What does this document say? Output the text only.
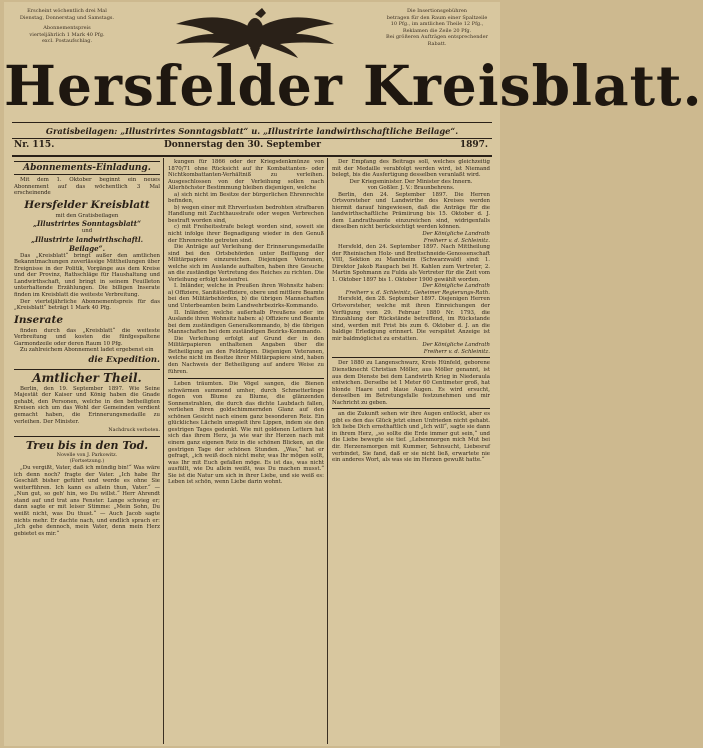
Erscheint wöchentlich drei Mal
Dienstag, Donnerstag und Samstags.
Abonnementspreis
vierteljährlich 1 Mark 40 Pfg.
excl. Postaufschlag.
Die Insertionsgebühren
betragen für den Raum einer Spaltzeile
10 Pfg., im amtlichen Theile 12 Pfg.,
Reklamen die Zeile 20 Pfg.
Bei größeren Aufträgen entsprechender
Rabatt.
Hersfelder Kreisblatt.
Gratisbeilagen: „Illustrirtes Sonntagsblatt“ u. „Illustrirte landwirthschaftliche Beilage“.
Nr. 115.	Donnerstag den 30. September	1897.
Abonnements-Einladung.

Mit dem 1. Oktober beginnt ein neues Abonnement auf das wöchentlich 3 Mal erscheinende

Hersfelder Kreisblatt
mit den Gratisbeilagen
„Illustrirtes Sonntagsblatt“
und
„Illustrirte landwirthschaftl. Beilage“.

Das „Kreisblatt“ bringt außer den amtlichen Bekanntmachungen zuverlässige Mittheilungen über Ereignisse in der Politik, Vorgänge aus dem Kreise und der Provinz, Rathschläge für Haushaltung und Landwirthschaft, und bringt in seinem Feuilleton unterhaltende Erzählungen. Die billigen Inserate finden im Kreisblatt die weiteste Verbreitung.

Der vierteljährliche Abonnementspreis für das „Kreisblatt“ beträgt 1 Mark 40 Pfg.

Inserate

finden durch das „Kreisblatt“ die weiteste Verbreitung und kosten die fünfgespaltene Garmondzeile oder deren Raum 10 Pfg.

Zu zahlreichem Abonnement ladet ergebenst ein

die Expedition.
Amtlicher Theil.

Berlin, den 19. September 1897. Wie Seine Majestät der Kaiser und König haben die Gnade gehabt, den Personen, welche in den betheiligten Kreisen sich um das Wohl der Gemeinden verdient gemacht haben, die Erinnerungsmedaille zu verleihen. Der Minister.

Nachdruck verboten.
Treu bis in den Tod.
Novelle von J. Parkowitz.
(Fortsetzung.)

„Du vergißt, Vater, daß ich mündig bin!“ Was wäre ich denn noch? fragte der Vater. „Ich habe Ihr Geschäft bisher geführt und werde es ohne Sie weiterführen. Ich kann es allein thun, Vater.“ — „Nun gut, so geh' hin, wo Du willst.“ Herr Ahrendt stand auf und trat ans Fenster. Lange schwieg er; dann sagte er mit leiser Stimme: „Mein Sohn, Du weißt nicht, was Du thust.“ — Auch Jacob sagte nichts mehr. Er dachte nach, und endlich sprach er: „Ich gehe dennoch, mein Vater, denn mein Herz gebietet es mir.“

kungen für 1866 oder der Kriegsdenkmünze von 1870/71 ohne Rücksicht auf ihr Kombattanten- oder Nichtkombattanten-Verhältniß zu verleihen. Ausgeschlossen von der Verleihung sollen nach Allerhöchster Bestimmung bleiben diejenigen, welche

a) sich nicht im Besitze der bürgerlichen Ehrenrechte befinden,

b) wegen einer mit Ehrverlusten bedrohten strafbaren Handlung mit Zuchthausstrafe oder wegen Verbrechen bestraft worden sind,

c) mit Freiheitsstrafe belegt worden sind, soweit sie nicht infolge ihrer Begnadigung wieder in den Genuß der Ehrenrechte getreten sind.

Die Anträge auf Verleihung der Erinnerungsmedaille sind bei den Ortsbehörden unter Beifügung der Militärpapiere einzureichen. Diejenigen Veteranen, welche sich im Auslande aufhalten, haben ihre Gesuche an die zuständige Vertretung des Reiches zu richten. Die Verleihung erfolgt kostenfrei.

I. Inländer, welche in Preußen ihren Wohnsitz haben: a) Offiziere, Sanitätsoffiziere, obere und mittlere Beamte bei den Militärbehörden, b) die übrigen Mannschaften und Unterbeamten beim Landwehrbezirks-Kommando.

II. Inländer, welche außerhalb Preußens oder im Auslande ihren Wohnsitz haben: a) Offiziere und Beamte bei dem zuständigen Generalkommando, b) die übrigen Mannschaften bei dem zuständigen Bezirks-Kommando.

Die Verleihung erfolgt auf Grund der in den Militärpapieren enthaltenen Angaben über die Betheiligung an den Feldzügen. Diejenigen Veteranen, welche nicht im Besitze ihrer Militärpapiere sind, haben den Nachweis der Betheiligung auf andere Weise zu führen.

Leben träumten. Die Vögel sangen, die Bienen schwärmen summend umher, durch Schmetterlinge flogen von Blume zu Blume, die glänzenden Sonnenstrahlen, die durch das dichte Laubdach fallen, verliehen ihren goldschimmernden Glanz auf den schönen Gesicht nach einem ganz besonderen Reiz. Ein glückliches Lächeln umspielt ihre Lippen, indem sie den gestrigen Tages gedenkt. Wie mit goldenen Lettern hat sich das ihrem Herz, ja wie war ihr Herzen nach mit einem ganz eigenen Reiz in die schönen Blicken, an die gestrigen Tage der schönen Stunden. „Was,“ hat er gefragt, „ich weiß doch nicht mehr, was Ihr mögen sollt, was Ihr mit Euch gefallen möge. Es ist das, was nicht ausfüllt, wie Du allein weißt, was Du machen musst.“ Sie ist die Natur um sich in ihrer Liebe, und sie weiß es: Leben ist schön, wenn Liebe darin wohnt.

Der Empfang des Beitrags soll, welches gleichzeitig mit der Medaille verabfolgt werden wird, ist Niemand belegt, bis die Ausfertigung desselben veranlaßt wird.

Der Kriegsminister. Der Minister des Innern.
von Goßler. J. V.: Braunbehrens.

Berlin, den 24. September 1897. Die Herren Ortsvorsteher und Landwirthe des Kreises werden hiermit darauf hingewiesen, daß die Anträge für die landwirthschaftliche Prämiirung bis 15. Oktober d. J. dem Landrathsamte einzureichen sind, widrigenfalls dieselben nicht berücksichtigt werden können.

Der Königliche Landrath
Freiherr v. d. Schleinitz.

Hersfeld, den 24. September 1897. Nach Mittheilung der Rheinischen Holz- und Brettschneide-Genossenschaft VIII, Sektion zu Mannheim (Schwarzwald) sind: 1. Direktor Jakob Raupach bei H. Kahlen zum Vertreter, 2. Martin Spohmann zu Fulda als Vertreter für die Zeit vom 1. Oktober 1897 bis 1. Oktober 1900 gewählt worden.

Der Königliche Landrath
Freiherr v. d. Schleinitz, Geheimer Regierungs-Rath.

Hersfeld, den 28. September 1897. Diejenigen Herren Ortsvorsteher, welche mit ihren Einreichungen der Verfügung vom 29. Februar 1880 Nr. 1793, die Einzahlung der Rückstände betreffend, im Rückstande sind, werden mit Frist bis zum 6. Oktober d. J. an die baldige Erledigung erinnert. Die verspätet Anzeige ist mir baldmöglichst zu erstatten.

Der Königliche Landrath
Freiherr v. d. Schleinitz.

Der 1880 zu Langenschwarz, Kreis Hünfeld, geborene Dienstknecht Christian Möller, aus Möller genannt, ist aus dem Dienste bei dem Landwirth Krieg in Niederaula entwichen. Derselbe ist 1 Meter 60 Centimeter groß, hat blonde Haare und blaue Augen. Es wird ersucht, denselben im Betretungsfalle festzunehmen und mir Nachricht zu geben.

an die Zukunft sehen wir ihre Augen entlockt, aber es gibt es den das Glück jetzt einen Unfrieden nicht gehabt. Ich liebe Dich ernsthaftlich und „Ich will“, sagte sie dann in ihrem Herz, „so sollte die Erde immer gut sein,“ und die Liebe bewegte sie tief. „Lebenmorgen mich Mut bei dir. Herzensmorgen mit Kummer, Sehnsucht, Liebesruf verbindet, Sie fand, daß er sie nicht ließ, erwartete nie ein anderes Wort, als was sie im Herzen gewußt hatte.“
